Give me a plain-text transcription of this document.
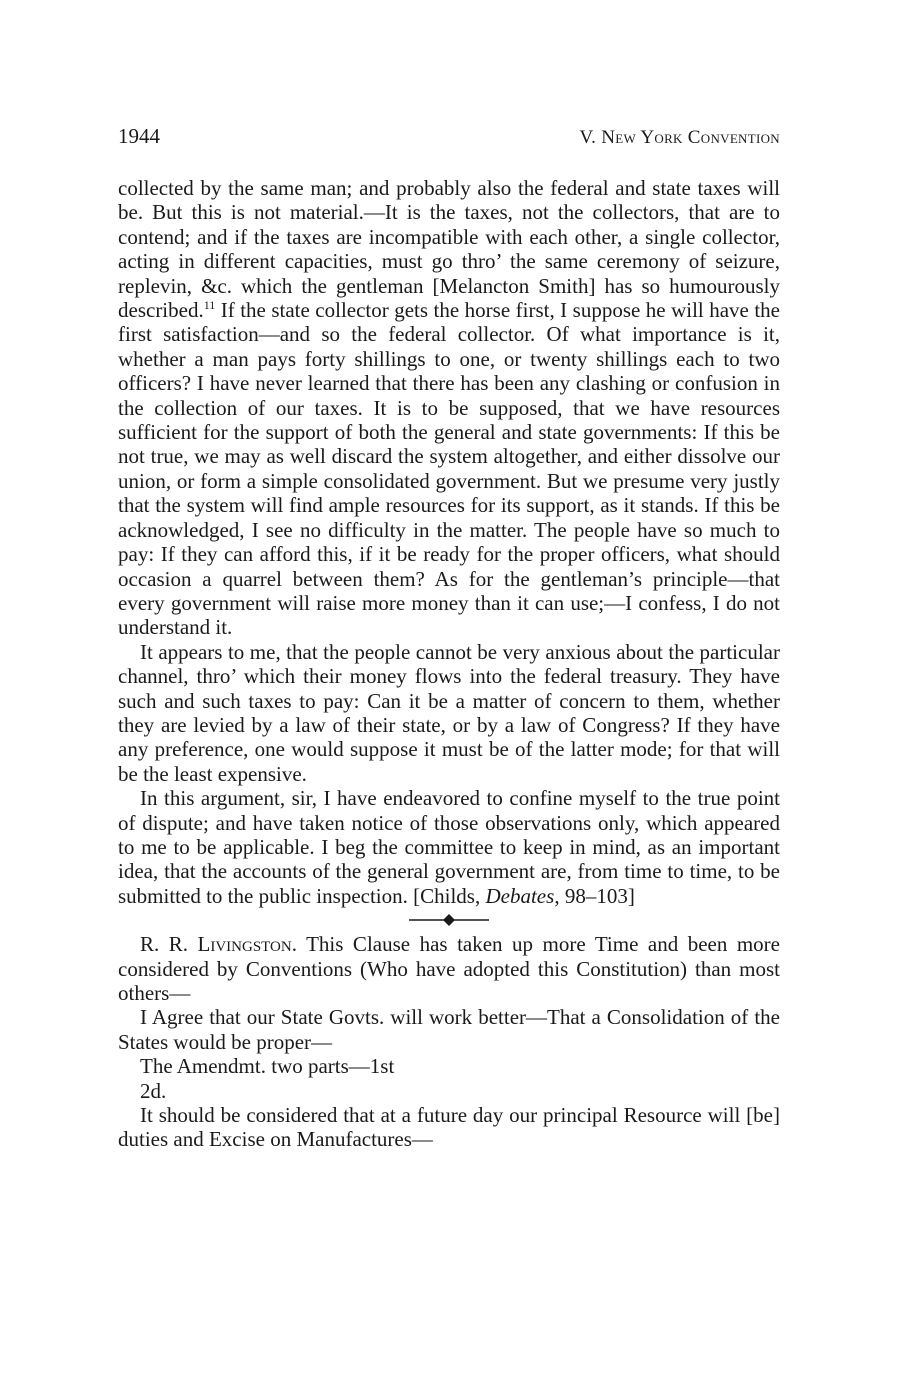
1944	V. New York Convention

collected by the same man; and probably also the federal and state taxes will be. But this is not material.—It is the taxes, not the collectors, that are to contend; and if the taxes are incompatible with each other, a single collector, acting in different capacities, must go thro’ the same ceremony of seizure, replevin, &c. which the gentleman [Melancton Smith] has so humourously described.$^{11}$ If the state collector gets the horse first, I suppose he will have the first satisfaction—and so the federal collector. Of what importance is it, whether a man pays forty shillings to one, or twenty shillings each to two officers? I have never learned that there has been any clashing or confusion in the collection of our taxes. It is to be supposed, that we have resources sufficient for the support of both the general and state governments: If this be not true, we may as well discard the system altogether, and either dissolve our union, or form a simple consolidated government. But we presume very justly that the system will find ample resources for its support, as it stands. If this be acknowledged, I see no difficulty in the matter. The people have so much to pay: If they can afford this, if it be ready for the proper officers, what should occasion a quarrel between them? As for the gentleman’s principle—that every government will raise more money than it can use;—I confess, I do not understand it.

It appears to me, that the people cannot be very anxious about the particular channel, thro’ which their money flows into the federal treasury. They have such and such taxes to pay: Can it be a matter of concern to them, whether they are levied by a law of their state, or by a law of Congress? If they have any preference, one would suppose it must be of the latter mode; for that will be the least expensive.

In this argument, sir, I have endeavored to confine myself to the true point of dispute; and have taken notice of those observations only, which appeared to me to be applicable. I beg the committee to keep in mind, as an important idea, that the accounts of the general government are, from time to time, to be submitted to the public inspection. [Childs, Debates, 98–103]

R. R. Livingston. This Clause has taken up more Time and been more considered by Conventions (Who have adopted this Constitution) than most others—

I Agree that our State Govts. will work better—That a Consolidation of the States would be proper—

The Amendmt. two parts—1st

2d.

It should be considered that at a future day our principal Resource will [be] duties and Excise on Manufactures—
